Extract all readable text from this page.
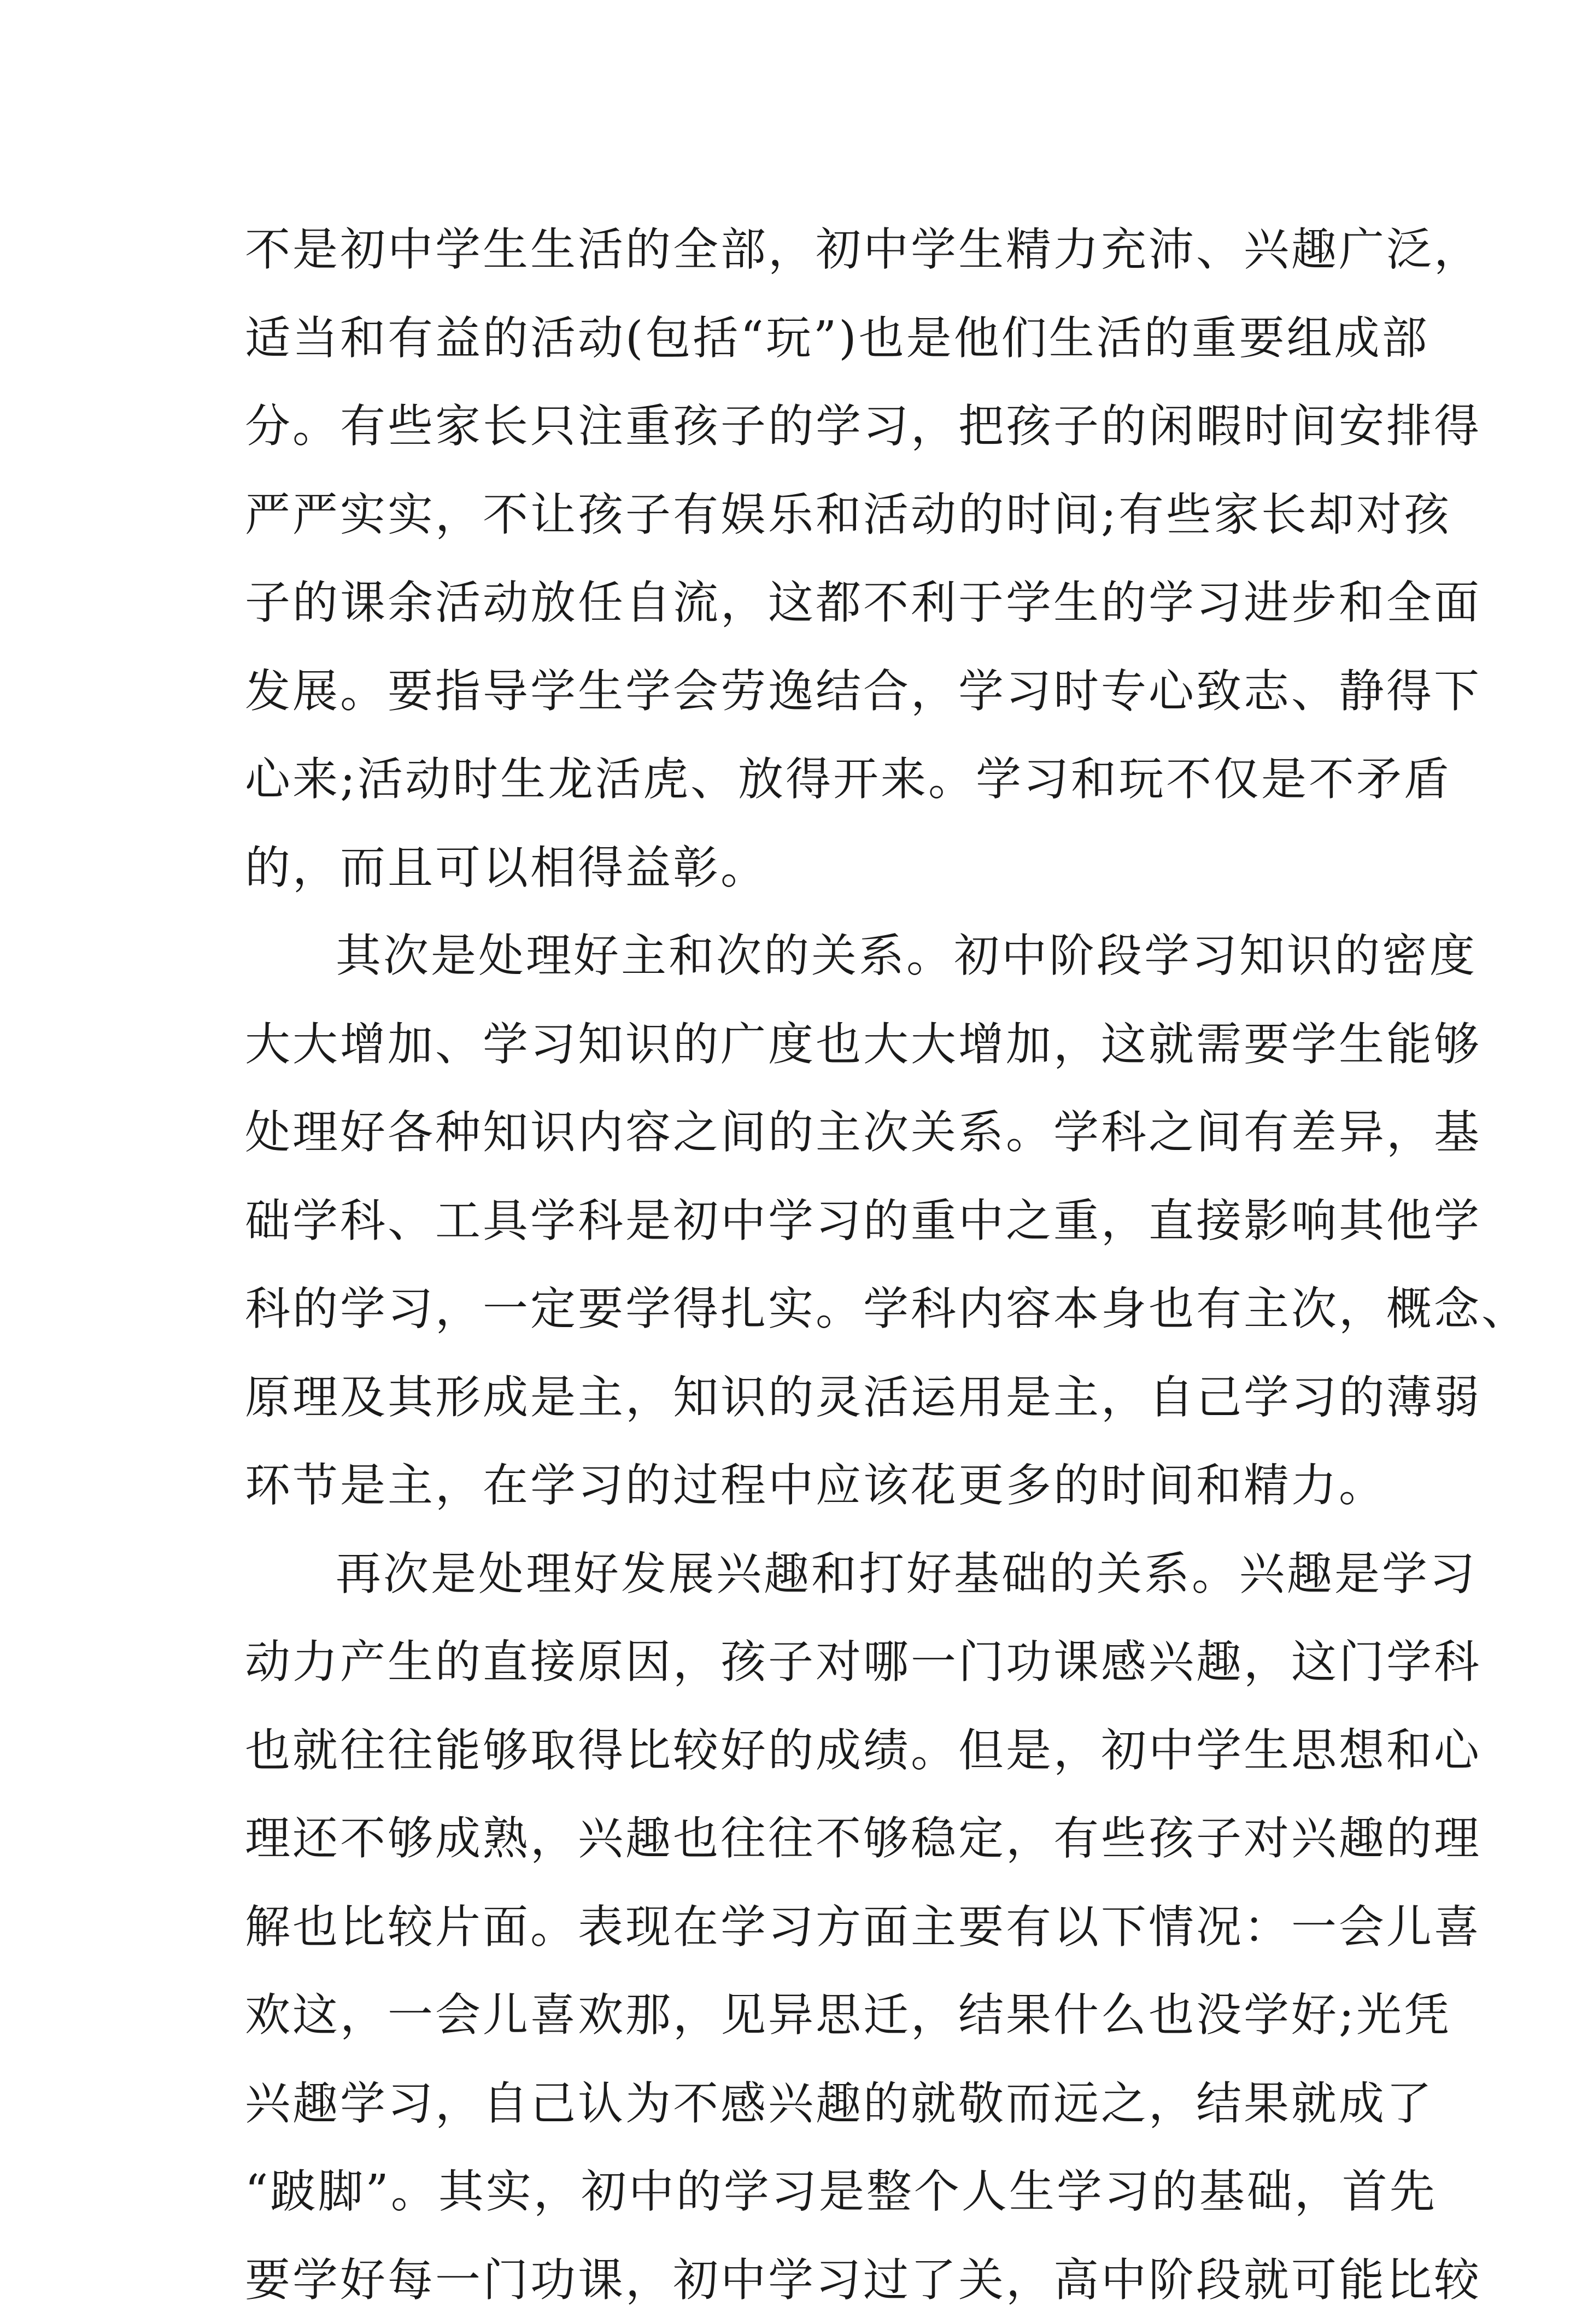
不是初中学生生活的全部，初中学生精力充沛、兴趣广泛，
适当和有益的活动(包括“玩”)也是他们生活的重要组成部
分。有些家长只注重孩子的学习，把孩子的闲暇时间安排得
严严实实，不让孩子有娱乐和活动的时间;有些家长却对孩
子的课余活动放任自流，这都不利于学生的学习进步和全面
发展。要指导学生学会劳逸结合，学习时专心致志、静得下
心来;活动时生龙活虎、放得开来。学习和玩不仅是不矛盾
的，而且可以相得益彰。
其次是处理好主和次的关系。初中阶段学习知识的密度
大大增加、学习知识的广度也大大增加，这就需要学生能够
处理好各种知识内容之间的主次关系。学科之间有差异，基
础学科、工具学科是初中学习的重中之重，直接影响其他学
科的学习，一定要学得扎实。学科内容本身也有主次，概念、
原理及其形成是主，知识的灵活运用是主，自己学习的薄弱
环节是主，在学习的过程中应该花更多的时间和精力。
再次是处理好发展兴趣和打好基础的关系。兴趣是学习
动力产生的直接原因，孩子对哪一门功课感兴趣，这门学科
也就往往能够取得比较好的成绩。但是，初中学生思想和心
理还不够成熟，兴趣也往往不够稳定，有些孩子对兴趣的理
解也比较片面。表现在学习方面主要有以下情况：一会儿喜
欢这，一会儿喜欢那，见异思迁，结果什么也没学好;光凭
兴趣学习，自己认为不感兴趣的就敬而远之，结果就成了
“跛脚”。其实，初中的学习是整个人生学习的基础，首先
要学好每一门功课，初中学习过了关，高中阶段就可能比较
